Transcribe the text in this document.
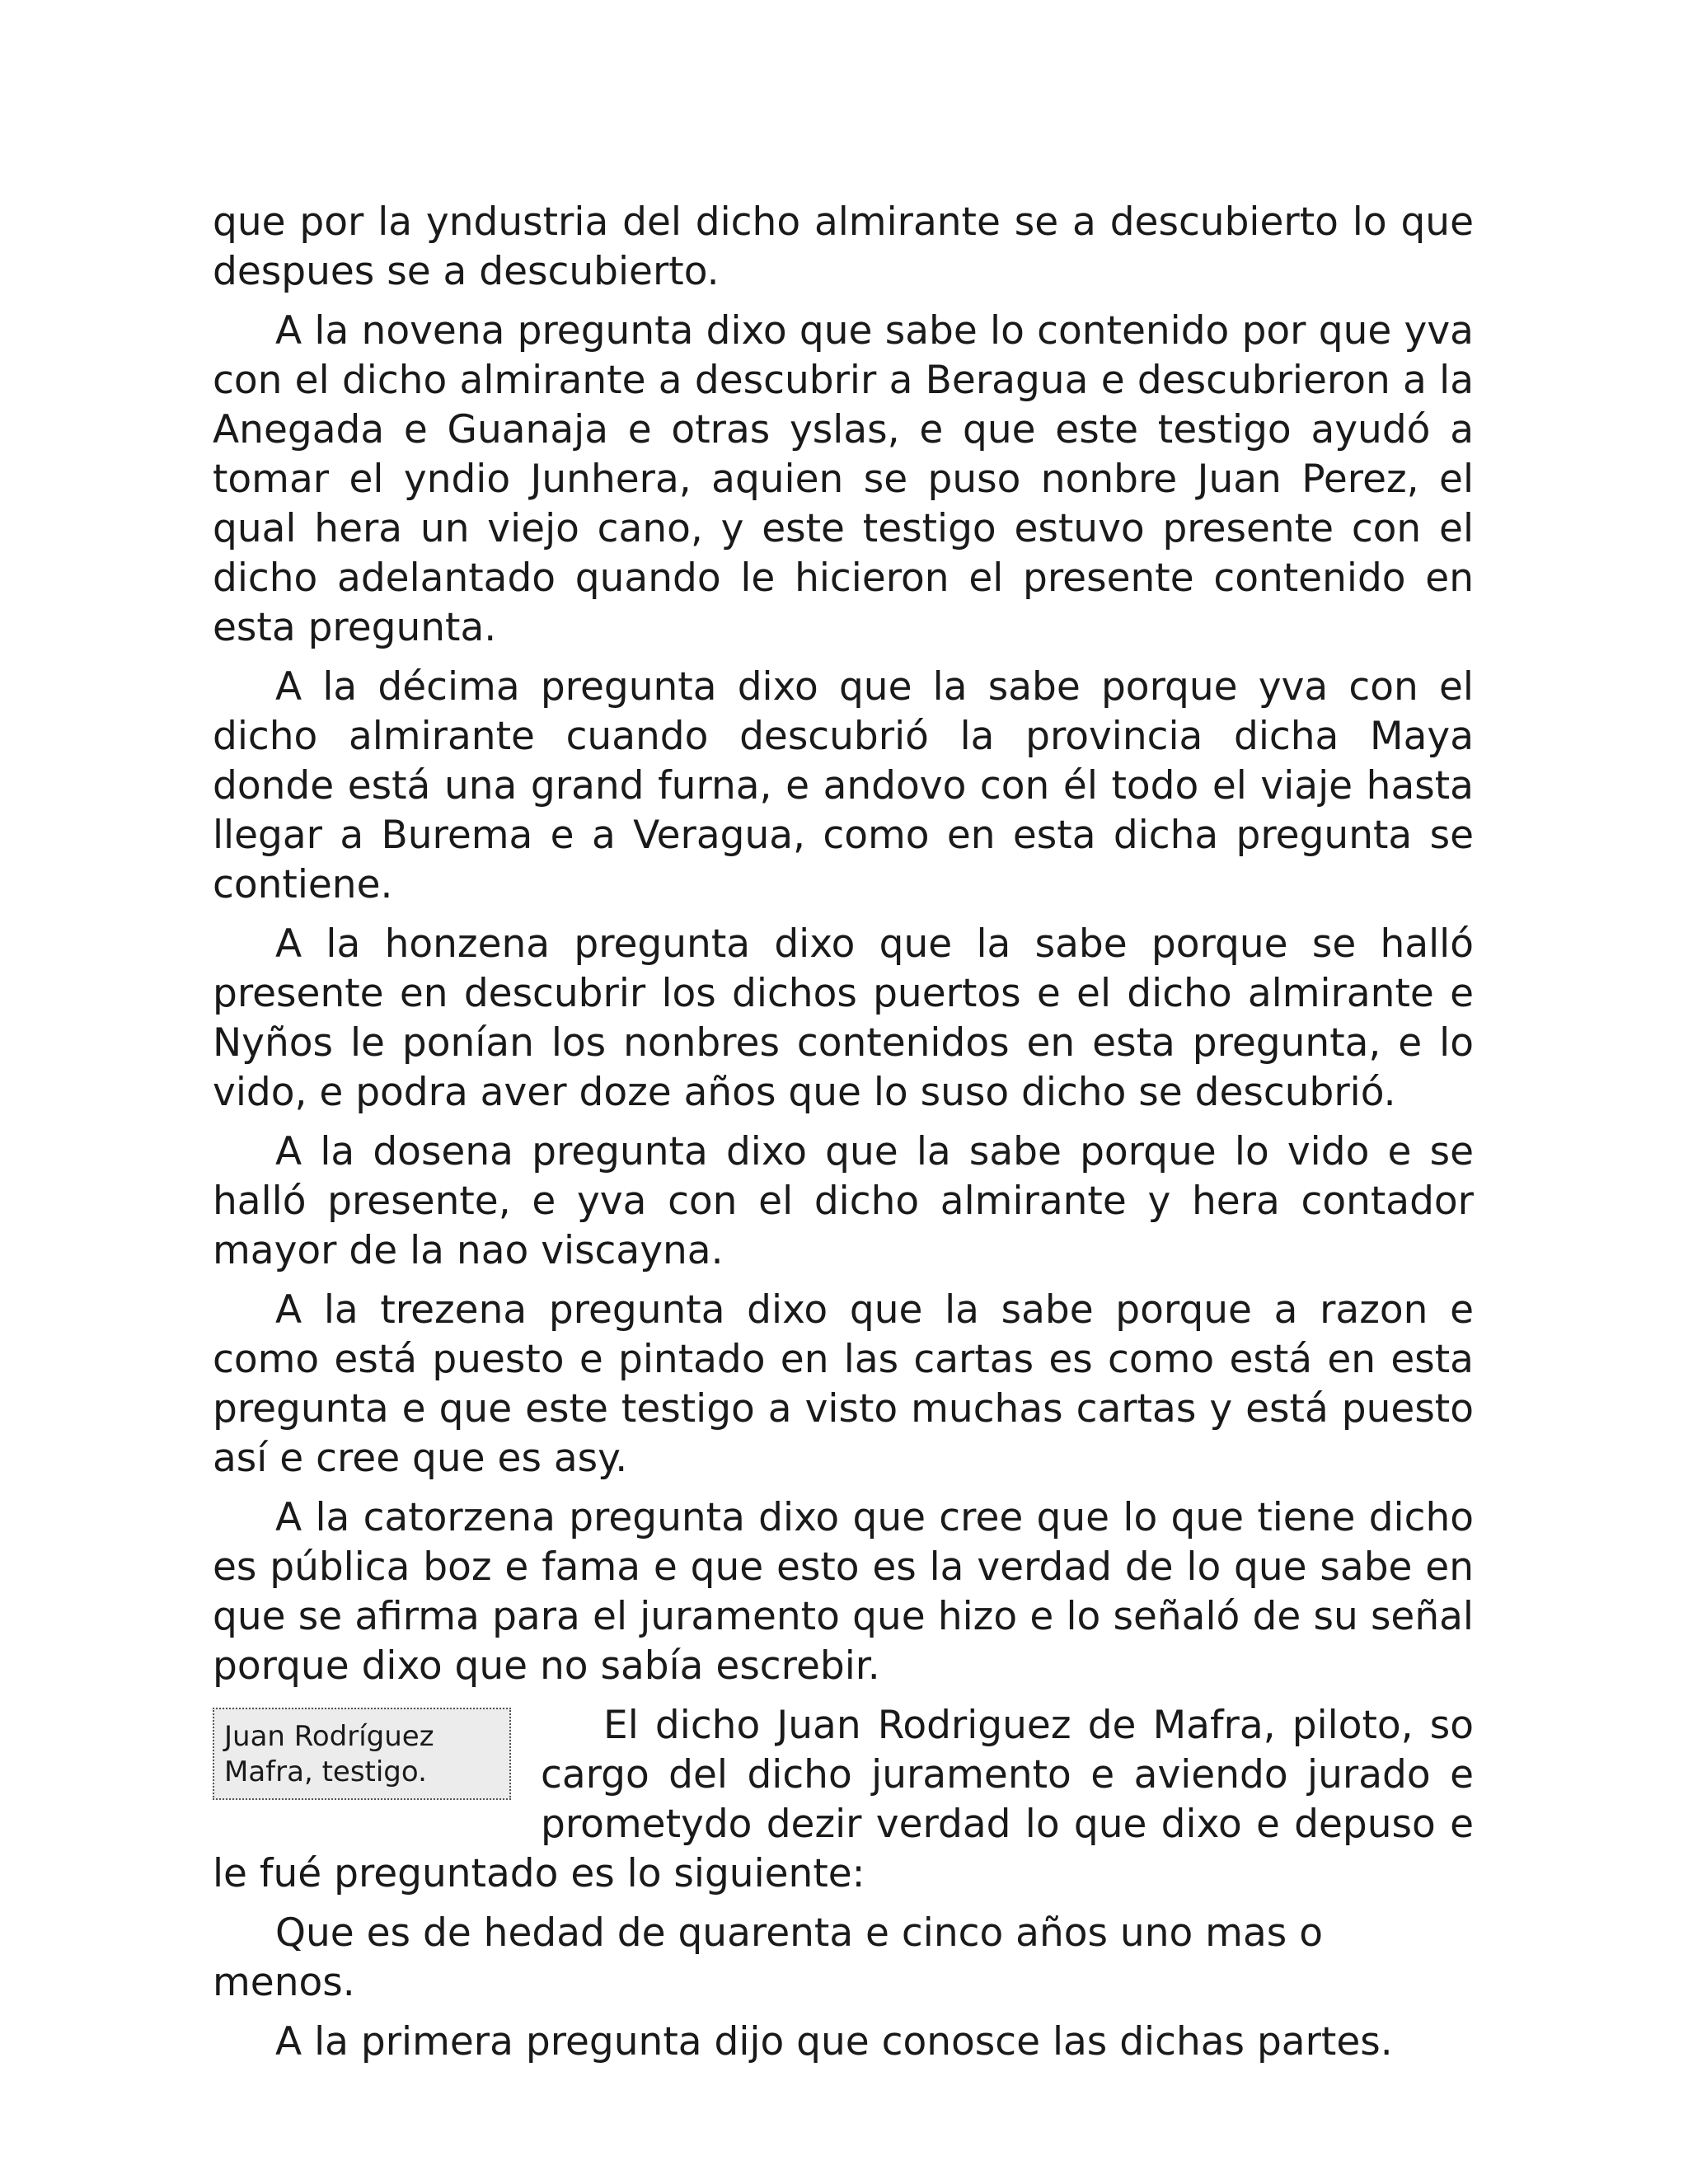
que por la yndustria del dicho almirante se a descubierto lo que despues se a descubierto.

A la novena pregunta dixo que sabe lo contenido por que yva con el dicho almirante a descubrir a Beragua e descubrieron a la Anegada e Guanaja e otras yslas, e que este testigo ayudó a tomar el yndio Junhera, aquien se puso nonbre Juan Perez, el qual hera un viejo cano, y este testigo estuvo presente con el dicho adelantado quando le hicieron el presente contenido en esta pregunta.

A la décima pregunta dixo que la sabe porque yva con el dicho almirante cuando descubrió la provincia dicha Maya donde está una grand furna, e andovo con él todo el viaje hasta llegar a Burema e a Veragua, como en esta dicha pregunta se contiene.

A la honzena pregunta dixo que la sabe porque se halló presente en descubrir los dichos puertos e el dicho almirante e Nyños le ponían los nonbres contenidos en esta pregunta, e lo vido, e podra aver doze años que lo suso dicho se descubrió.

A la dosena pregunta dixo que la sabe porque lo vido e se halló presente, e yva con el dicho almirante y hera contador mayor de la nao viscayna.

A la trezena pregunta dixo que la sabe porque a razon e como está puesto e pintado en las cartas es como está en esta pregunta e que este testigo a visto muchas cartas y está puesto así e cree que es asy.

A la catorzena pregunta dixo que cree que lo que tiene dicho es pública boz e fama e que esto es la verdad de lo que sabe en que se afirma para el juramento que hizo e lo señaló de su señal porque dixo que no sabía escrebir.

Juan Rodríguez
Mafra, testigo.

El dicho Juan Rodriguez de Mafra, piloto, so cargo del dicho juramento e aviendo jurado e prometydo dezir verdad lo que dixo e depuso e le fué preguntado es lo siguiente:

Que es de hedad de quarenta e cinco años uno mas o menos.

A la primera pregunta dijo que conosce las dichas partes.
